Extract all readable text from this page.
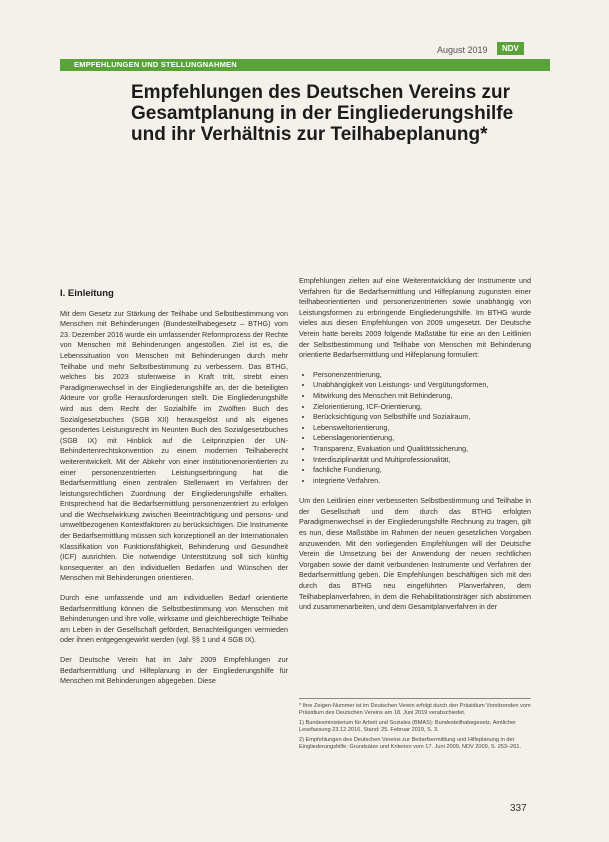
August 2019	NDV
EMPFEHLUNGEN UND STELLUNGNAHMEN
Empfehlungen des Deutschen Vereins zur Gesamtplanung in der Eingliederungshilfe und ihr Verhältnis zur Teilhabeplanung*
I. Einleitung

Mit dem Gesetz zur Stärkung der Teilhabe und Selbstbestimmung von Menschen mit Behinderungen (Bundesteilhabegesetz – BTHG) vom 23. Dezember 2016 wurde ein umfassender Reformprozess der Rechte von Menschen mit Behinderungen angestoßen. Ziel ist es, die Lebenssituation von Menschen mit Behinderungen durch mehr Teilhabe und mehr Selbstbestimmung zu verbessern. Das BTHG, welches bis 2023 stufenweise in Kraft tritt, strebt einen Paradigmenwechsel in der Eingliederungshilfe an, der die beteiligten Akteure vor große Herausforderungen stellt. Die Eingliederungshilfe wird aus dem Recht der Sozialhilfe im Zwölften Buch des Sozialgesetzbuches (SGB XII) herausgelöst und als eigenes gesondertes Leistungsrecht im Neunten Buch des Sozialgesetzbuches (SGB IX) mit Hinblick auf die Leitprinzipien der UN-Behindertenrechtskonvention zu einem modernen Teilhaberecht weiterentwickelt. Mit der Abkehr von einer institutionenorientierten zu einer personenzentrierten Leistungserbringung hat die Bedarfsermittlung einen zentralen Stellenwert im Verfahren der leistungsrechtlichen Zuordnung der Eingliederungshilfe erhalten. Entsprechend hat die Bedarfsermittlung personenzentriert zu erfolgen und die Wechselwirkung zwischen Beeinträchtigung und persons- und umweltbezogenen Kontextfaktoren zu berücksichtigen. Die Instrumente der Bedarfsermittlung müssen sich konzeptionell an der Internationalen Klassifikation von Funktionsfähigkeit, Behinderung und Gesundheit (ICF) ausrichten. Die notwendige Unterstützung soll sich künftig konsequenter an den individuellen Bedarfen und Wünschen der Menschen mit Behinderungen orientieren.

Durch eine umfassende und am individuellen Bedarf orientierte Bedarfsermittlung können die Selbstbestimmung von Menschen mit Behinderungen und ihre volle, wirksame und gleichberechtigte Teilhabe am Leben in der Gesellschaft gefördert, Benachteiligungen vermieden oder ihnen entgegengewirkt werden (vgl. §§ 1 und 4 SGB IX).

Der Deutsche Verein hat im Jahr 2009 Empfehlungen zur Bedarfsermittlung und Hilfeplanung in der Eingliederungshilfe für Menschen mit Behinderungen abgegeben. Diese

Empfehlungen zielten auf eine Weiterentwicklung der Instrumente und Verfahren für die Bedarfsermittlung und Hilfeplanung zugunsten einer teilhabeorientierten und personenzentrierten sowie unabhängig von Leistungsformen zu erbringende Eingliederungshilfe. Im BTHG wurde vieles aus diesen Empfehlungen von 2009 umgesetzt. Der Deutsche Verein hatte bereits 2009 folgende Maßstäbe für eine an den Leitlinien der Selbstbestimmung und Teilhabe von Menschen mit Behinderung orientierte Bedarfsermittlung und Hilfeplanung formuliert:

• Personenzentrierung,
• Unabhängigkeit von Leistungs- und Vergütungsformen,
• Mitwirkung des Menschen mit Behinderung,
• Zielorientierung, ICF-Orientierung,
• Berücksichtigung von Selbsthilfe und Sozialraum,
• Lebensweltorientierung,
• Lebenslagenorientierung,
• Transparenz, Evaluation und Qualitätssicherung,
• Interdisziplinarität und Multiprofessionalität,
• fachliche Fundierung,
• integrierte Verfahren.

Um den Leitlinien einer verbesserten Selbstbestimmung und Teilhabe in der Gesellschaft und dem durch das BTHG erfolgten Paradigmenwechsel in der Eingliederungshilfe Rechnung zu tragen, gilt es nun, diese Maßstäbe im Rahmen der neuen gesetzlichen Vorgaben anzuwenden. Mit den vorliegenden Empfehlungen will der Deutsche Verein die Umsetzung bei der Anwendung der neuen rechtlichen Vorgaben sowie der damit verbundenen Instrumente und Verfahren der Bedarfsermittlung geben. Die Empfehlungen beschäftigen sich mit den durch das BTHG neu eingeführten Planverfahren, dem Teilhabeplanverfahren, in dem die Rehabilitationsträger sich abstimmen und zusammenarbeiten, und dem Gesamtplanverfahren in der

* Ihre Zeigen-Nummer ist im Deutschen Verein erfolgt durch den Präsidium Vorsitzenden vom Präsidium des Deutschen Vereins am 18. Juni 2019 verabschiedet.
1) Bundesministerium für Arbeit und Soziales (BMAS): Bundesteilhabegesetz, Amtlicher Lesefassung 23.12.2016, Stand: 25. Februar 2019, S. 3.
2) Empfehlungen des Deutschen Vereins zur Bedarfsermittlung und Hilfeplanung in der Eingliederungshilfe: Grundsätze und Kriterien vom 17. Juni 2009, NDV 2009, S. 253–261.
337
